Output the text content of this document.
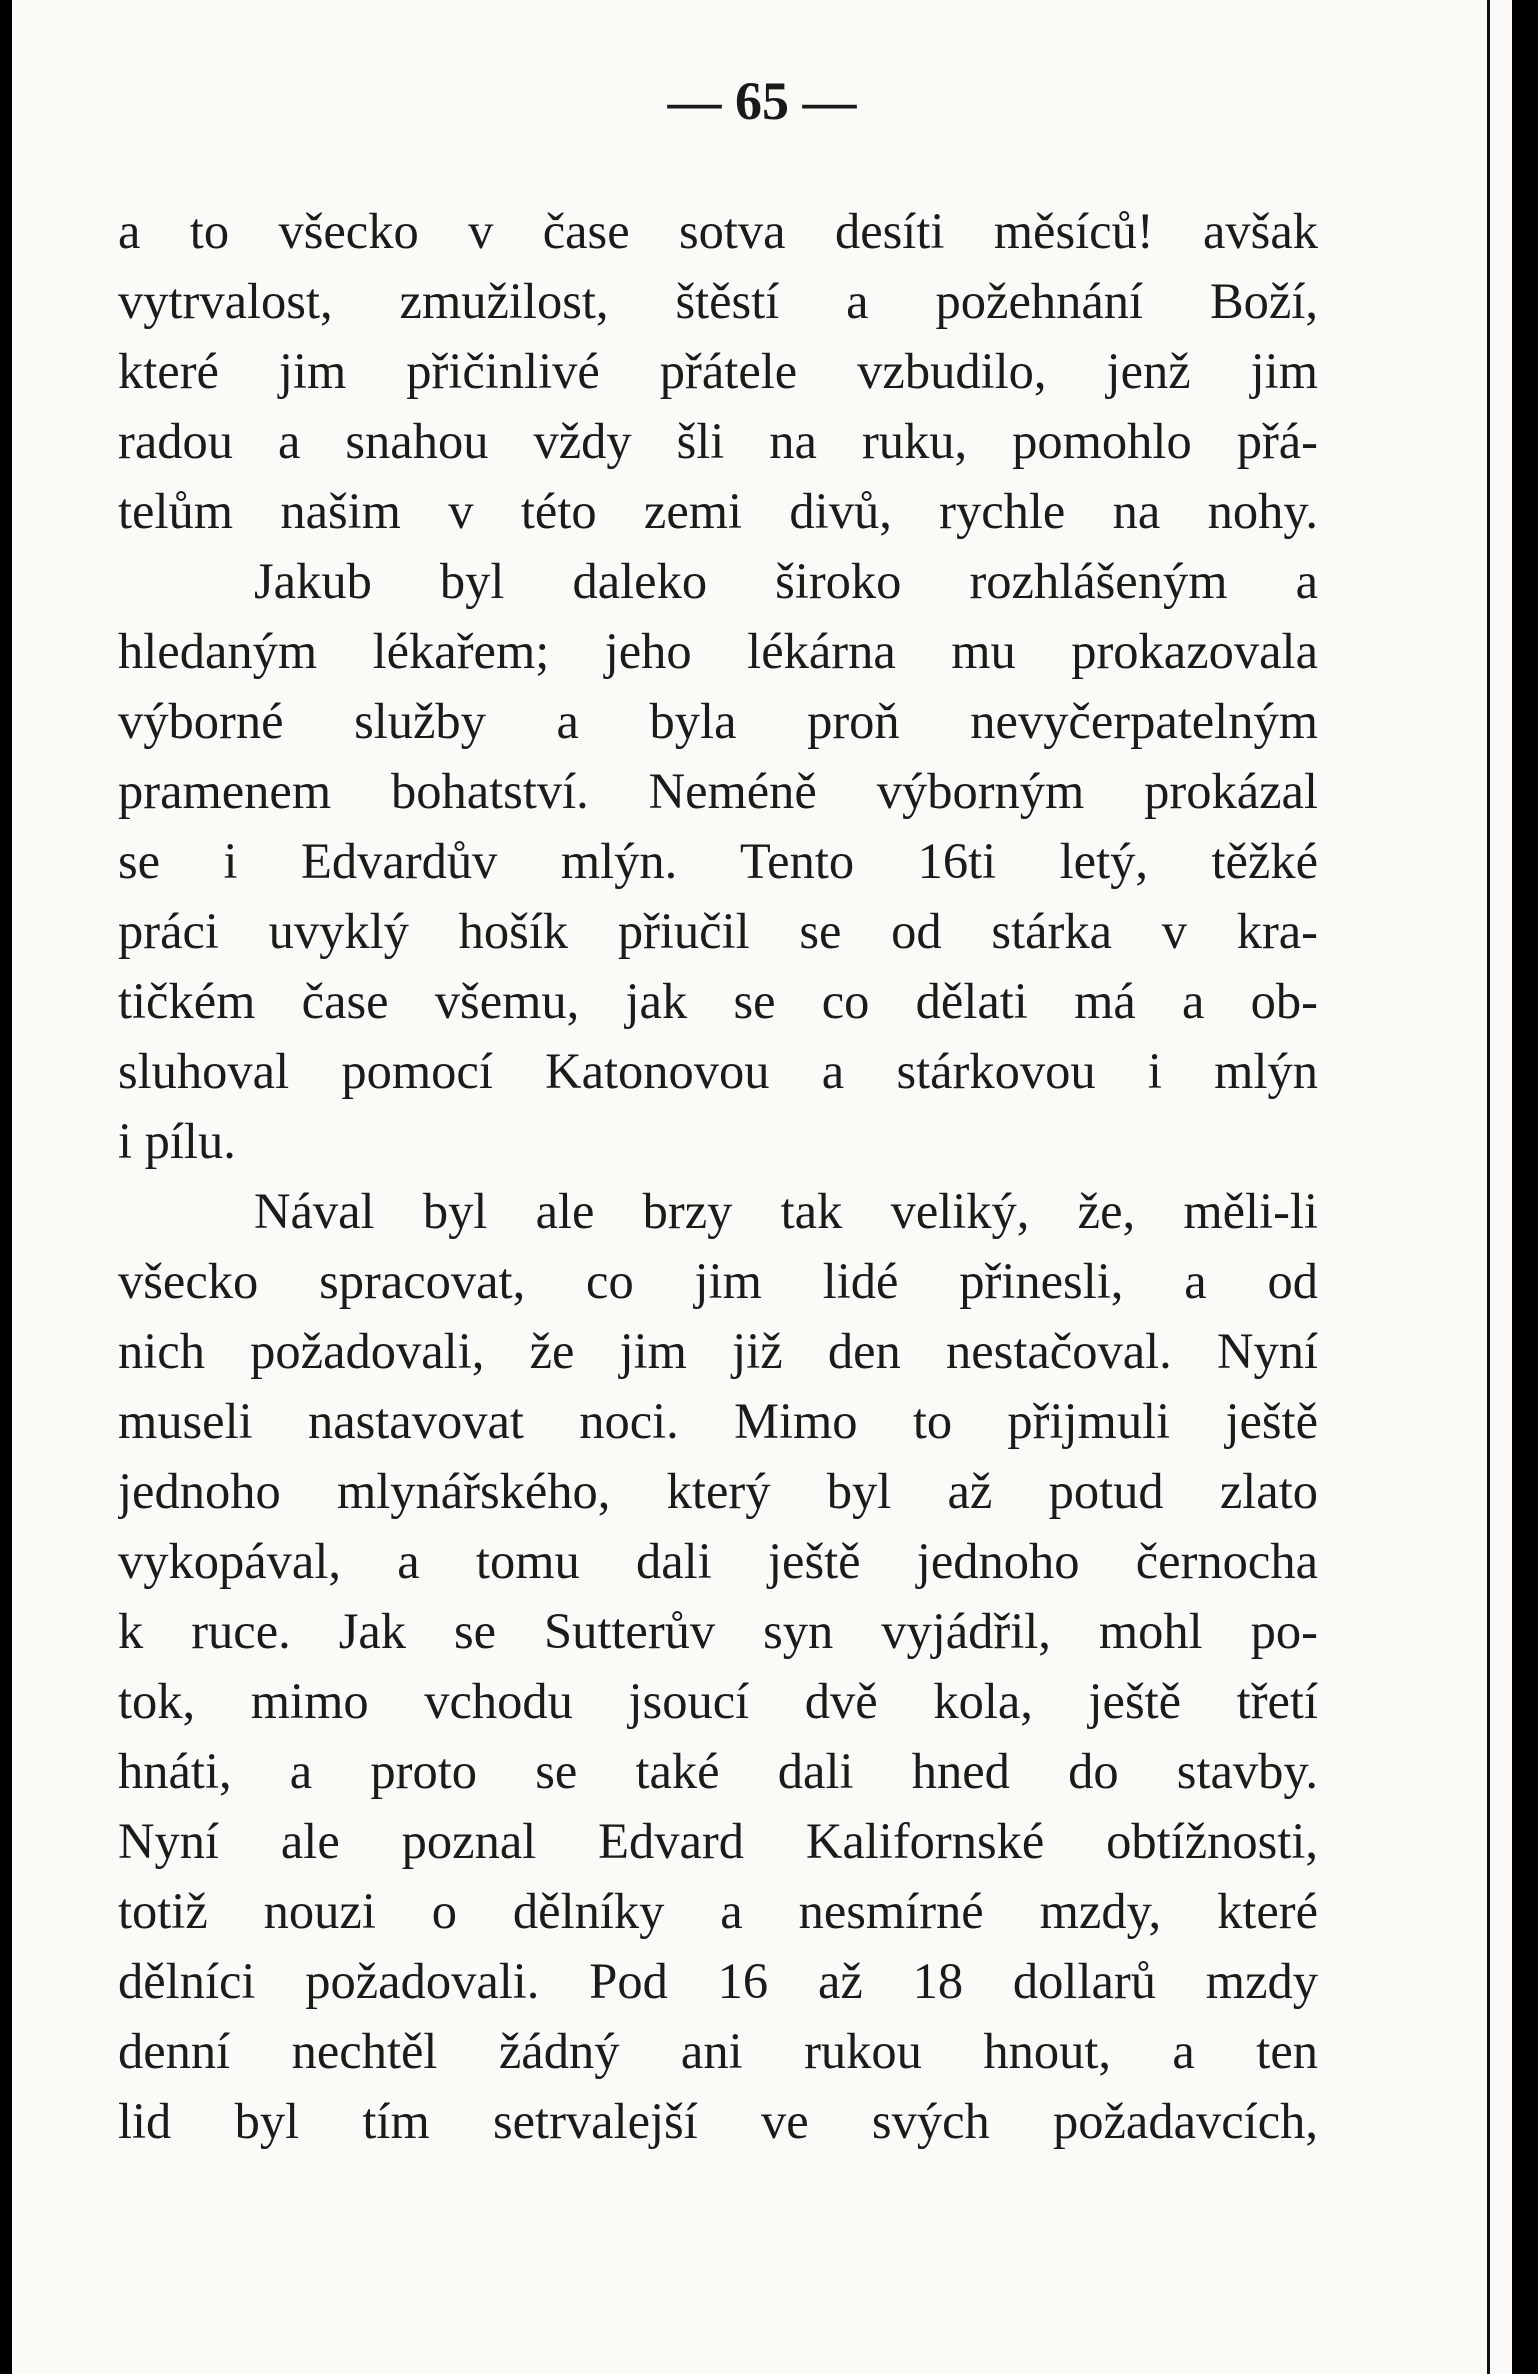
— 65 —
a to všecko v čase sotva desíti měsíců! avšak
vytrvalost, zmužilost, štěstí a požehnání Boží,
které jim přičinlivé přátele vzbudilo, jenž jim
radou a snahou vždy šli na ruku, pomohlo přá-
telům našim v této zemi divů, rychle na nohy.
Jakub byl daleko široko rozhlášeným a
hledaným lékařem; jeho lékárna mu prokazovala
výborné služby a byla proň nevyčerpatelným
pramenem bohatství. Neméně výborným prokázal
se i Edvardův mlýn. Tento 16ti letý, těžké
práci uvyklý hošík přiučil se od stárka v kra-
tičkém čase všemu, jak se co dělati má a ob-
sluhoval pomocí Katonovou a stárkovou i mlýn
i pílu.
Nával byl ale brzy tak veliký, že, měli-li
všecko spracovat, co jim lidé přinesli, a od
nich požadovali, že jim již den nestačoval. Nyní
museli nastavovat noci. Mimo to přijmuli ještě
jednoho mlynářského, který byl až potud zlato
vykopával, a tomu dali ještě jednoho černocha
k ruce. Jak se Sutterův syn vyjádřil, mohl po-
tok, mimo vchodu jsoucí dvě kola, ještě třetí
hnáti, a proto se také dali hned do stavby.
Nyní ale poznal Edvard Kalifornské obtížnosti,
totiž nouzi o dělníky a nesmírné mzdy, které
dělníci požadovali. Pod 16 až 18 dollarů mzdy
denní nechtěl žádný ani rukou hnout, a ten
lid byl tím setrvalejší ve svých požadavcích,
